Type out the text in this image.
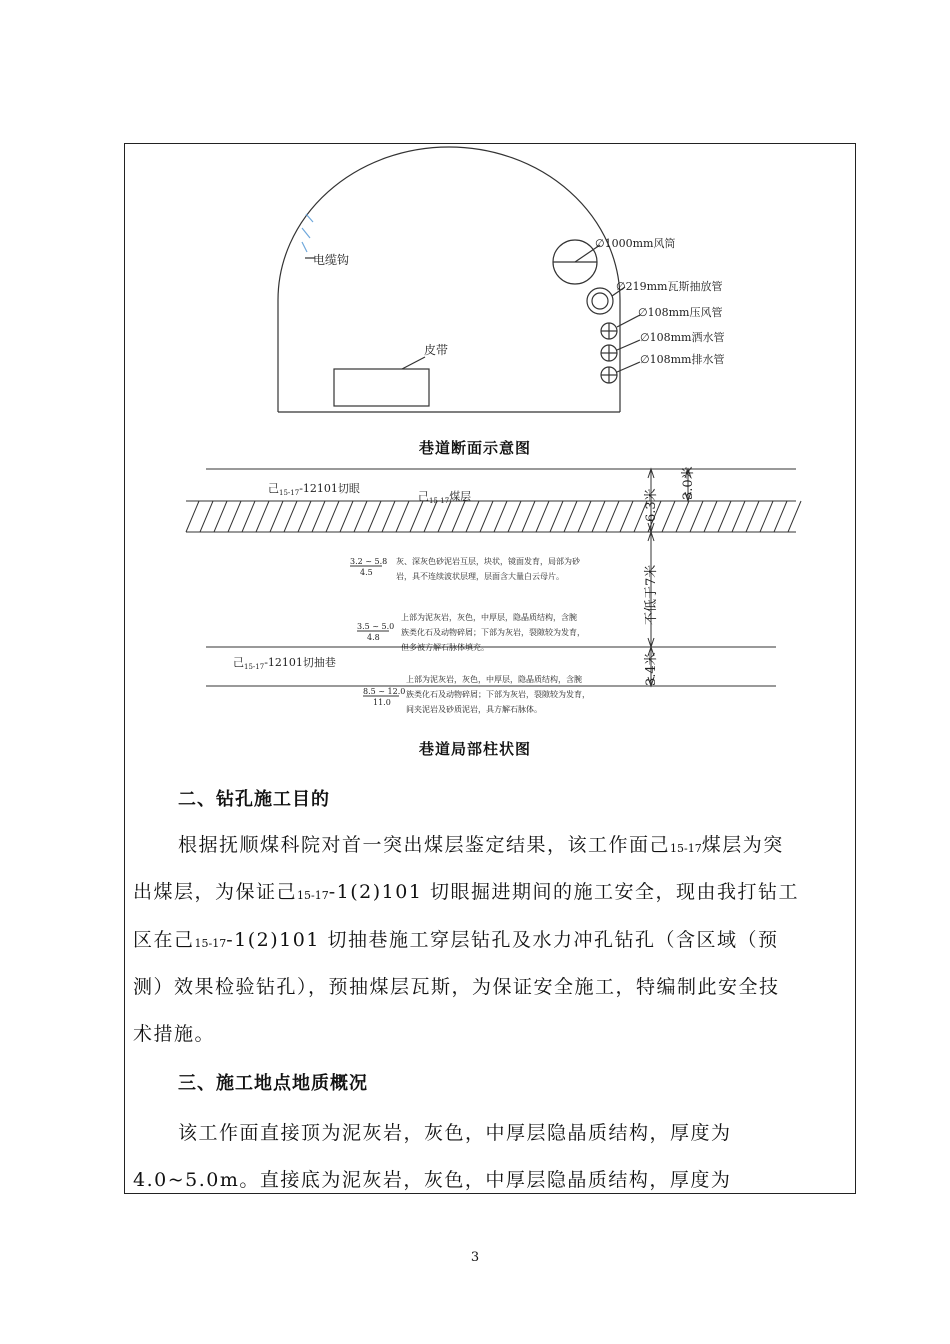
电缆钩
皮带
∅1000mm风筒
∅219mm瓦斯抽放管
∅108mm压风管
∅108mm洒水管
∅108mm排水管
巷道断面示意图
己$_{15-17}$-12101切眼
己$_{15-17}$煤层
己$_{15-17}$-12101切抽巷
6.3米
3.0米
不低于7米
3.4米
3.2 ~ 5.8
4.5
灰、深灰色砂泥岩互层，块状，镜面发育，局部为砂
岩，具不连续波状层理，层面含大量白云母片。
3.5 ~ 5.0
4.8
上部为泥灰岩，灰色，中厚层，隐晶质结构，含腕
族类化石及动物碎屑；下部为灰岩，裂隙较为发育，
但多被方解石脉体填充。
8.5 ~ 12.0
11.0
上部为泥灰岩，灰色，中厚层，隐晶质结构，含腕
族类化石及动物碎屑；下部为灰岩，裂隙较为发育，
间夹泥岩及砂质泥岩，具方解石脉体。
巷道局部柱状图
二、钻孔施工目的
根据抚顺煤科院对首一突出煤层鉴定结果，该工作面己15-17煤层为突
出煤层，为保证己15-17-1(2)101 切眼掘进期间的施工安全，现由我打钻工
区在己15-17-1(2)101 切抽巷施工穿层钻孔及水力冲孔钻孔（含区域（预
测）效果检验钻孔），预抽煤层瓦斯，为保证安全施工，特编制此安全技
术措施。
三、施工地点地质概况
该工作面直接顶为泥灰岩，灰色，中厚层隐晶质结构，厚度为
4.0~5.0m。直接底为泥灰岩，灰色，中厚层隐晶质结构，厚度为
3
